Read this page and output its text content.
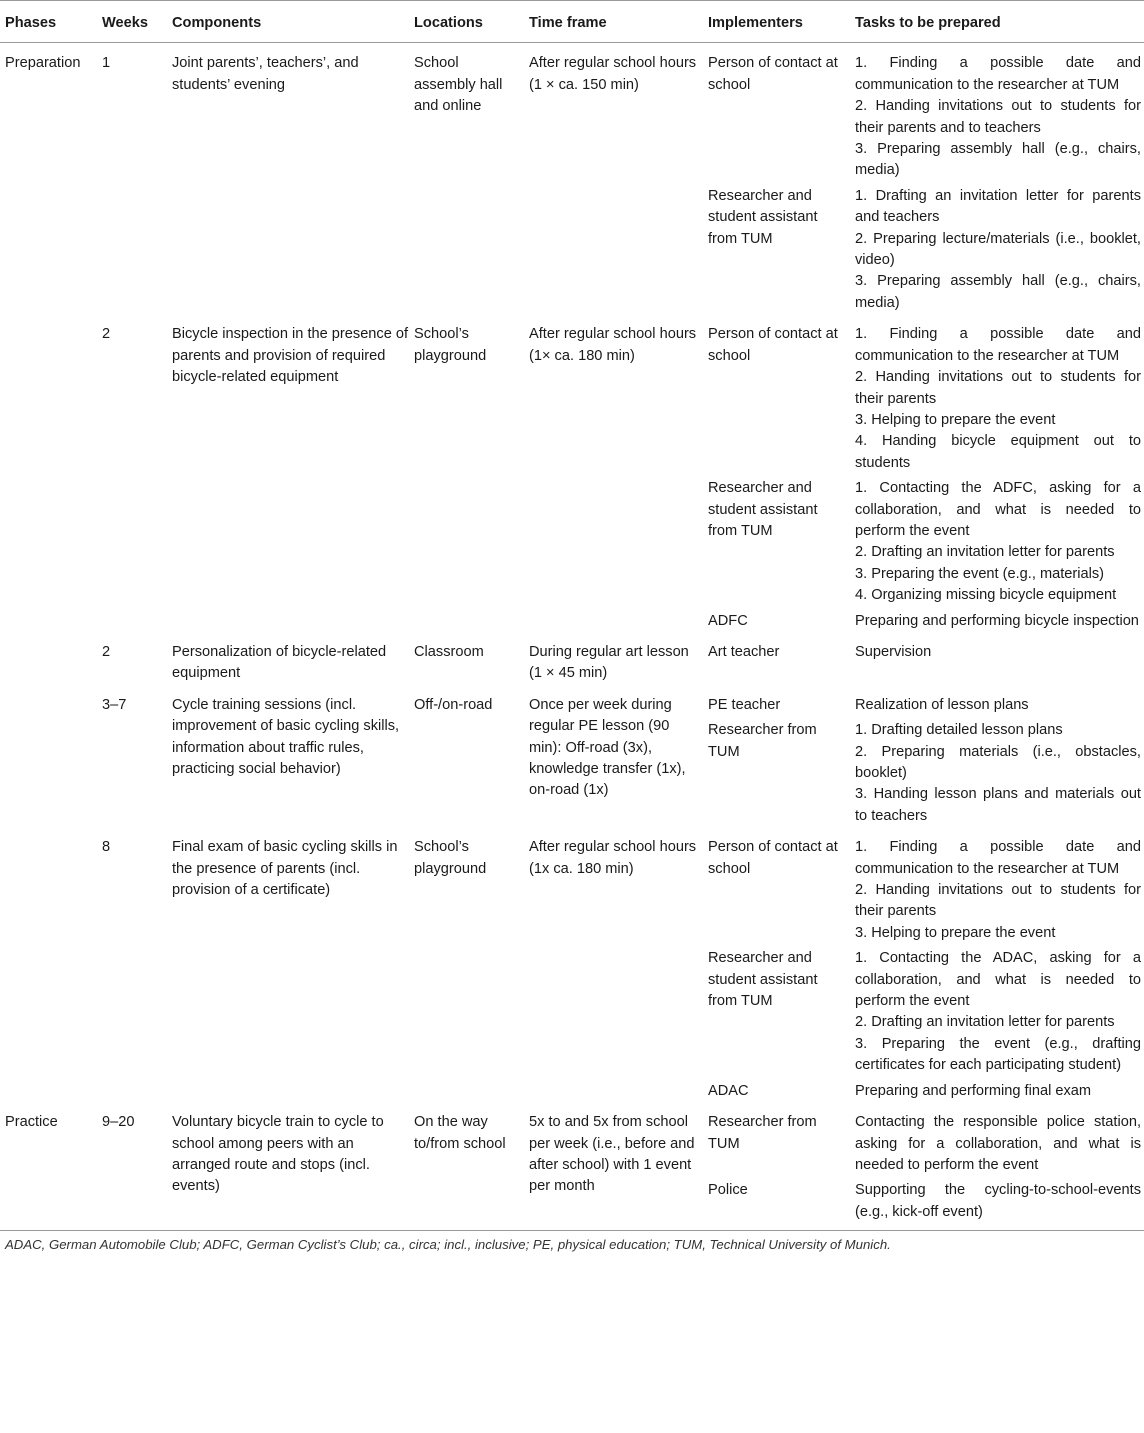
Phases	Weeks	Components	Locations	Time frame	Implementers	Tasks to be prepared
Preparation	1	Joint parents’, teachers’, and students’ evening	School assembly hall and online	After regular school hours (1 × ca. 150 min)	Person of contact at school	1. Finding a possible date and communication to the researcher at TUM
2. Handing invitations out to students for their parents and to teachers
3. Preparing assembly hall (e.g., chairs, media)

					Researcher and student assistant from TUM	1. Drafting an invitation letter for parents and teachers
2. Preparing lecture/materials (i.e., booklet, video)
3. Preparing assembly hall (e.g., chairs, media)

	2	Bicycle inspection in the presence of parents and provision of required bicycle-related equipment	School’s playground	After regular school hours (1× ca. 180 min)	Person of contact at school	1. Finding a possible date and communication to the researcher at TUM
2. Handing invitations out to students for their parents
3. Helping to prepare the event
4. Handing bicycle equipment out to students

					Researcher and student assistant from TUM	1. Contacting the ADFC, asking for a collaboration, and what is needed to perform the event
2. Drafting an invitation letter for parents
3. Preparing the event (e.g., materials)
4. Organizing missing bicycle equipment

					ADFC	Preparing and performing bicycle inspection

	2	Personalization of bicycle-related equipment	Classroom	During regular art lesson (1 × 45 min)	Art teacher	Supervision

	3–7	Cycle training sessions (incl. improvement of basic cycling skills, information about traffic rules, practicing social behavior)	Off-/on-road	Once per week during regular PE lesson (90 min): Off-road (3x), knowledge transfer (1x), on-road (1x)	PE teacher	Realization of lesson plans

					Researcher from TUM	1. Drafting detailed lesson plans
2. Preparing materials (i.e., obstacles, booklet)
3. Handing lesson plans and materials out to teachers

	8	Final exam of basic cycling skills in the presence of parents (incl. provision of a certificate)	School’s playground	After regular school hours (1x ca. 180 min)	Person of contact at school	1. Finding a possible date and communication to the researcher at TUM
2. Handing invitations out to students for their parents
3. Helping to prepare the event

					Researcher and student assistant from TUM	1. Contacting the ADAC, asking for a collaboration, and what is needed to perform the event
2. Drafting an invitation letter for parents
3. Preparing the event (e.g., drafting certificates for each participating student)

					ADAC	Preparing and performing final exam

Practice	9–20	Voluntary bicycle train to cycle to school among peers with an arranged route and stops (incl. events)	On the way to/from school	5x to and 5x from school per week (i.e., before and after school) with 1 event per month	Researcher from TUM	Contacting the responsible police station, asking for a collaboration, and what is needed to perform the event

					Police	Supporting the cycling-to-school-events (e.g., kick-off event)
ADAC, German Automobile Club; ADFC, German Cyclist’s Club; ca., circa; incl., inclusive; PE, physical education; TUM, Technical University of Munich.
